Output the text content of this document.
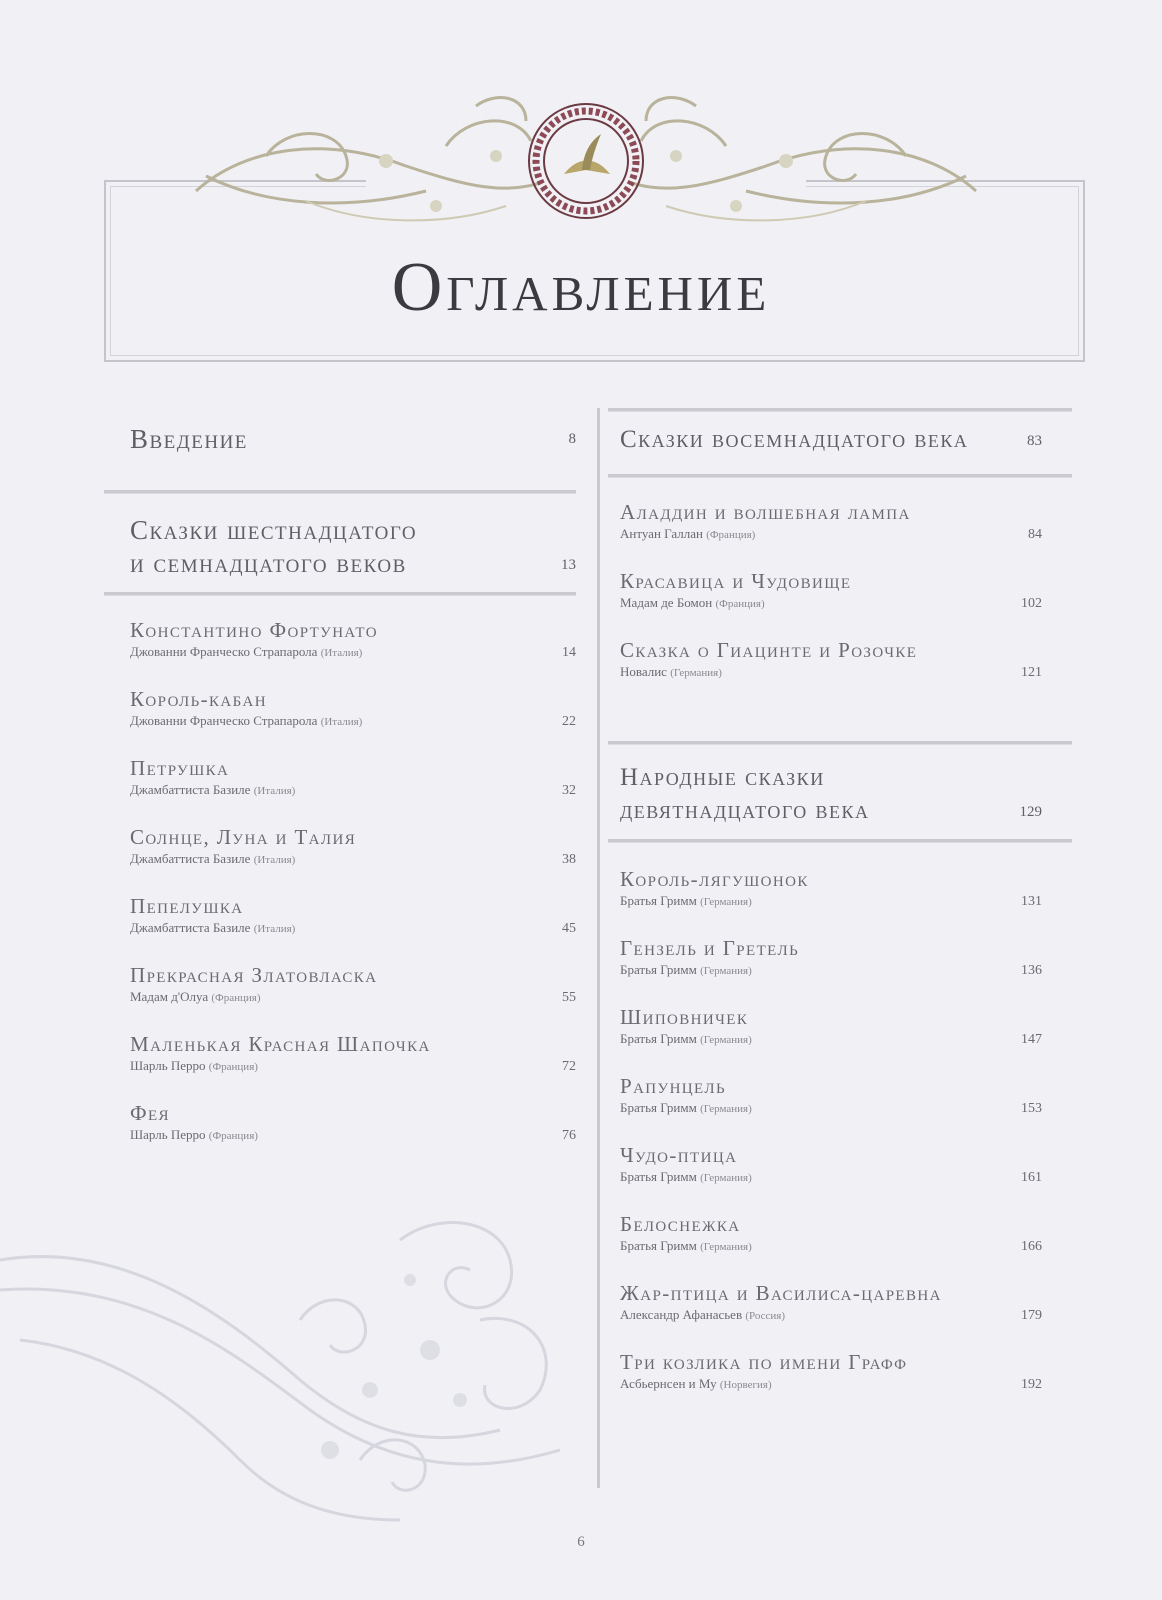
Оглавление
Введение	8
Сказки шестнадцатого
и семнадцатого веков	13
Константино Фортунато
Джованни Франческо Страпарола (Италия)	14
Король-кабан
Джованни Франческо Страпарола (Италия)	22
Петрушка
Джамбаттиста Базиле (Италия)	32
Солнце, Луна и Талия
Джамбаттиста Базиле (Италия)	38
Пепелушка
Джамбаттиста Базиле (Италия)	45
Прекрасная Златовласка
Мадам д'Олуа (Франция)	55
Маленькая Красная Шапочка
Шарль Перро (Франция)	72
Фея
Шарль Перро (Франция)	76
Сказки восемнадцатого века	83
Аладдин и волшебная лампа
Антуан Галлан (Франция)	84
Красавица и Чудовище
Мадам де Бомон (Франция)	102
Сказка о Гиацинте и Розочке
Новалис (Германия)	121
Народные сказки
девятнадцатого века	129
Король-лягушонок
Братья Гримм (Германия)	131
Гензель и Гретель
Братья Гримм (Германия)	136
Шиповничек
Братья Гримм (Германия)	147
Рапунцель
Братья Гримм (Германия)	153
Чудо-птица
Братья Гримм (Германия)	161
Белоснежка
Братья Гримм (Германия)	166
Жар-птица и Василиса-царевна
Александр Афанасьев (Россия)	179
Три козлика по имени Графф
Асбьернсен и Му (Норвегия)	192
6
